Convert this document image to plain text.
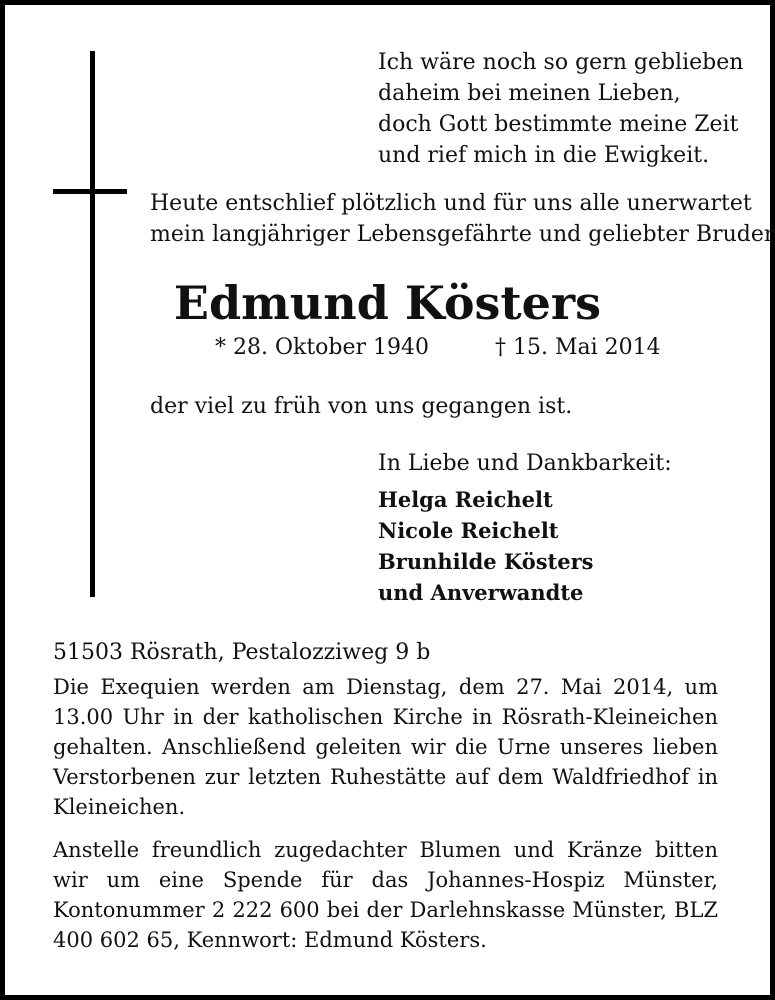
Ich wäre noch so gern geblieben
daheim bei meinen Lieben,
doch Gott bestimmte meine Zeit
und rief mich in die Ewigkeit.
Heute entschlief plötzlich und für uns alle unerwartet
mein langjähriger Lebensgefährte und geliebter Bruder
Edmund Kösters
* 28. Oktober 1940	† 15. Mai 2014
der viel zu früh von uns gegangen ist.
In Liebe und Dankbarkeit:
Helga Reichelt
Nicole Reichelt
Brunhilde Kösters
und Anverwandte
51503 Rösrath, Pestalozziweg 9 b

Die Exequien werden am Dienstag, dem 27. Mai 2014, um 13.00 Uhr in der katholischen Kirche in Rösrath-Kleineichen gehalten. Anschließend geleiten wir die Urne unseres lieben Verstorbenen zur letzten Ruhestätte auf dem Waldfriedhof in Kleineichen.

Anstelle freundlich zugedachter Blumen und Kränze bitten wir um eine Spende für das Johannes-Hospiz Münster, Kontonummer 2 222 600 bei der Darlehnskasse Münster, BLZ 400 602 65, Kennwort: Edmund Kösters.
